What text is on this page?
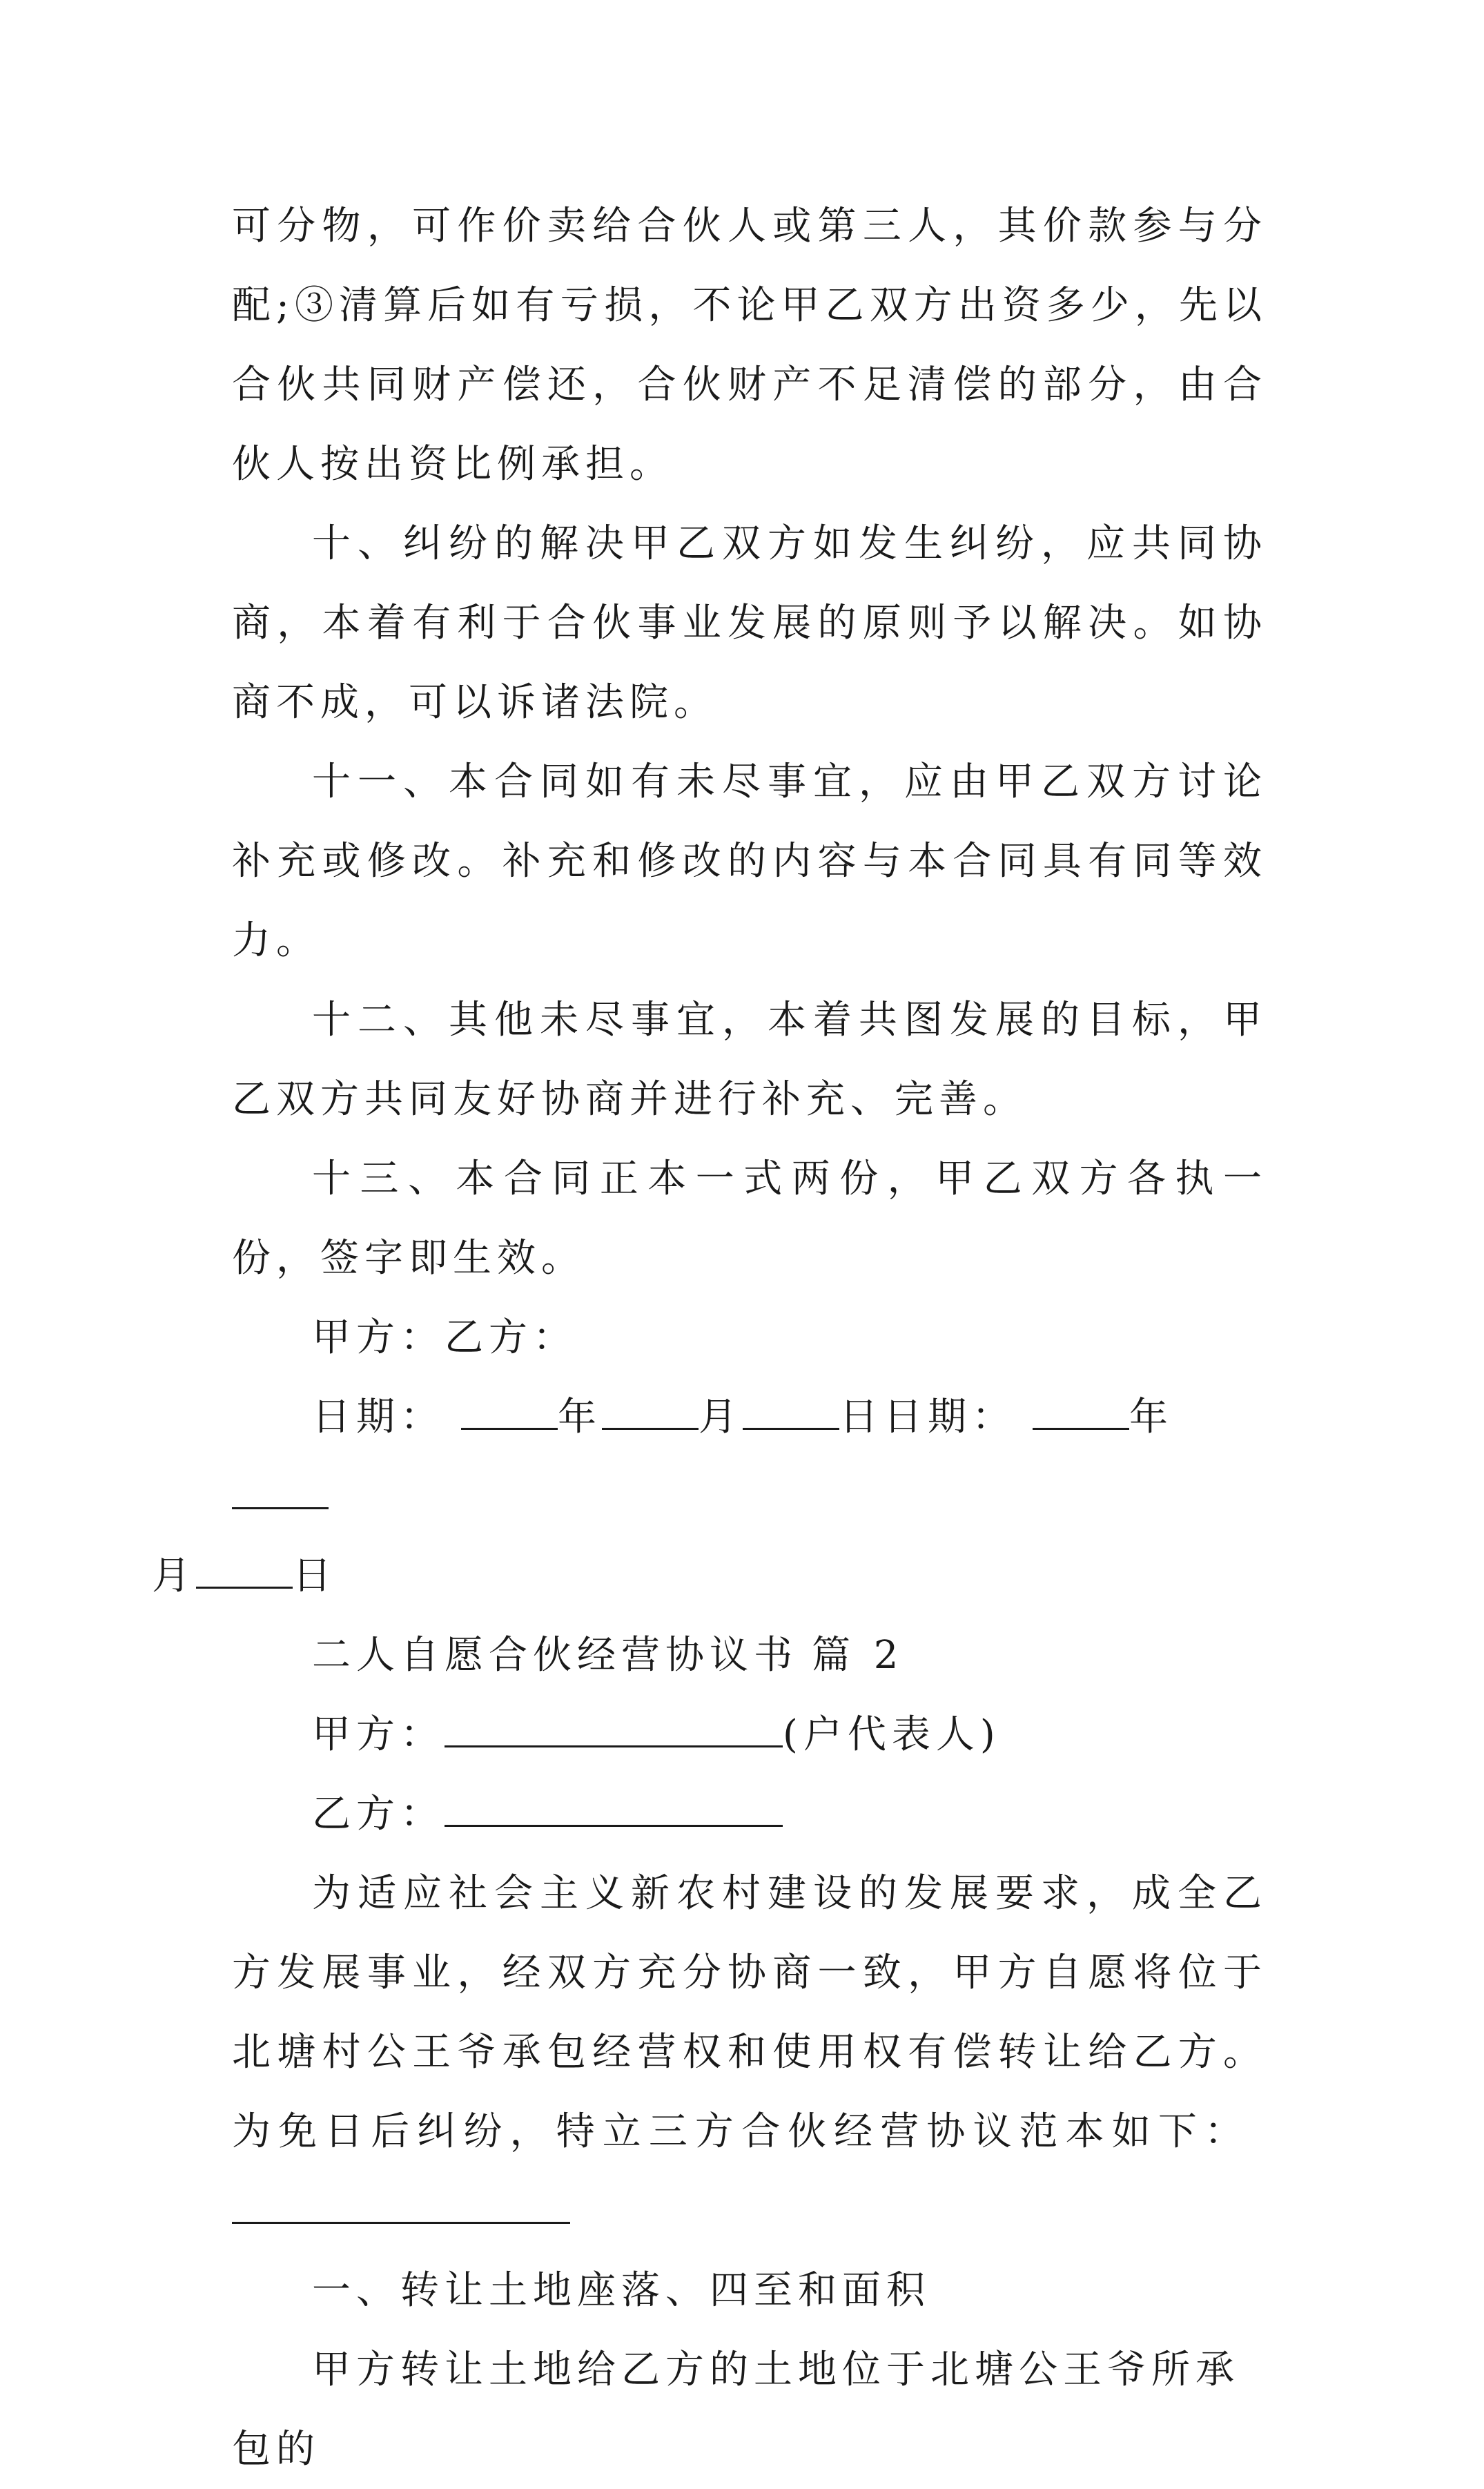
可分物，可作价卖给合伙人或第三人，其价款参与分配;③清算后如有亏损，不论甲乙双方出资多少，先以合伙共同财产偿还，合伙财产不足清偿的部分，由合伙人按出资比例承担。

十、纠纷的解决甲乙双方如发生纠纷，应共同协商，本着有利于合伙事业发展的原则予以解决。如协商不成，可以诉诸法院。

十一、本合同如有未尽事宜，应由甲乙双方讨论补充或修改。补充和修改的内容与本合同具有同等效力。

十二、其他未尽事宜，本着共图发展的目标，甲乙双方共同友好协商并进行补充、完善。

十三、本合同正本一式两份，甲乙双方各执一份，签字即生效。

甲方：乙方：

日期：	年	月	日日期：	年
月	日

二人自愿合伙经营协议书 篇 2

甲方：	(户代表人)

乙方：

为适应社会主义新农村建设的发展要求，成全乙方发展事业，经双方充分协商一致，甲方自愿将位于北塘村公王爷承包经营权和使用权有偿转让给乙方。为免日后纠纷，特立三方合伙经营协议范本如下：

一、转让土地座落、四至和面积

甲方转让土地给乙方的土地位于北塘公王爷所承包的
